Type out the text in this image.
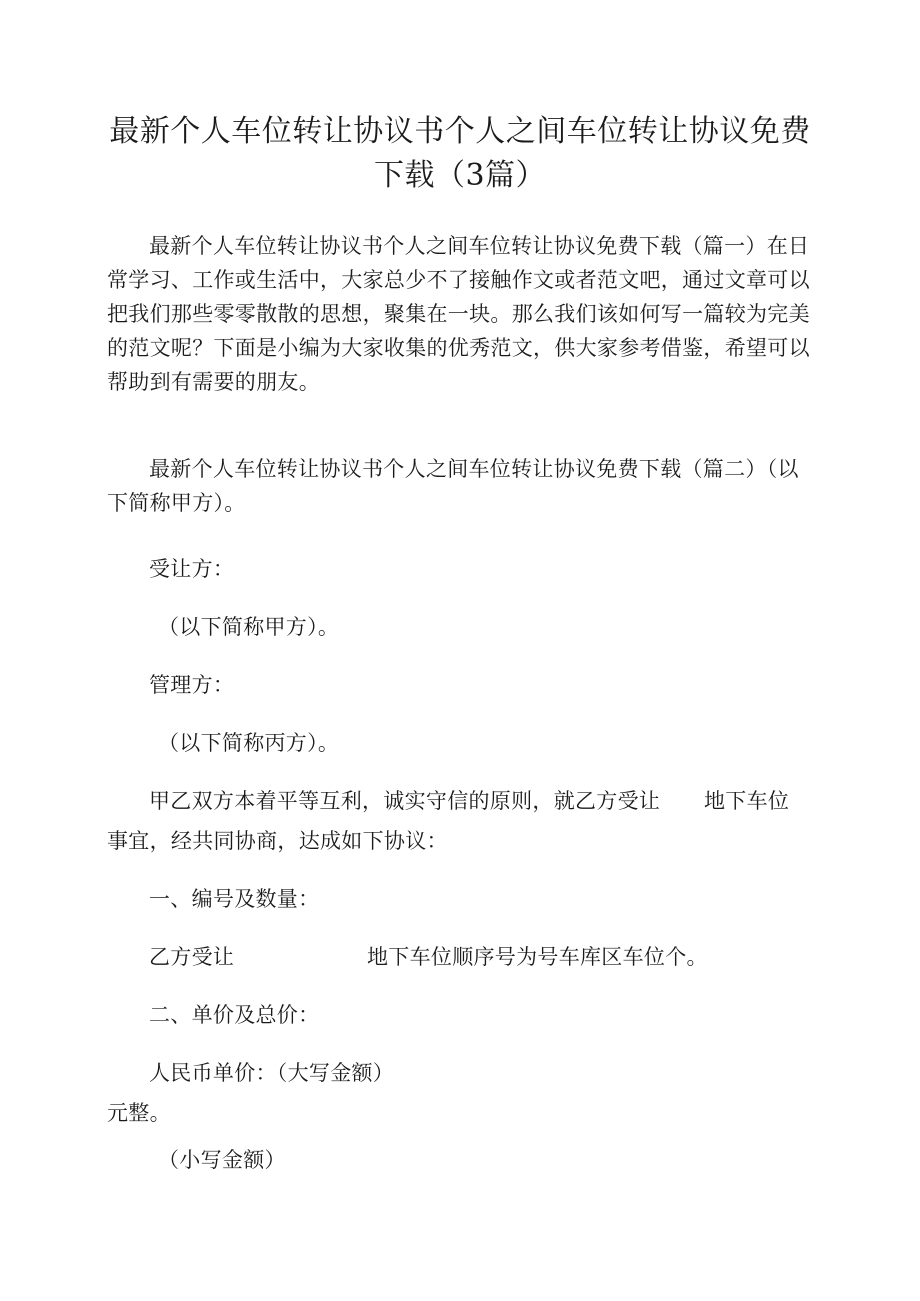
最新个人车位转让协议书个人之间车位转让协议免费下载（3篇）
最新个人车位转让协议书个人之间车位转让协议免费下载（篇一）在日常学习、工作或生活中，大家总少不了接触作文或者范文吧，通过文章可以把我们那些零零散散的思想，聚集在一块。那么我们该如何写一篇较为完美的范文呢？下面是小编为大家收集的优秀范文，供大家参考借鉴，希望可以帮助到有需要的朋友。
最新个人车位转让协议书个人之间车位转让协议免费下载（篇二）（以下简称甲方）。
受让方：
（以下简称甲方）。
管理方：
（以下简称丙方）。
甲乙双方本着平等互利，诚实守信的原则，就乙方受让 地下车位
事宜，经共同协商，达成如下协议：
一、编号及数量：
乙方受让	地下车位顺序号为号车库区车位个。
二、单价及总价：
人民币单价：（大写金额）
元整。
（小写金额）
